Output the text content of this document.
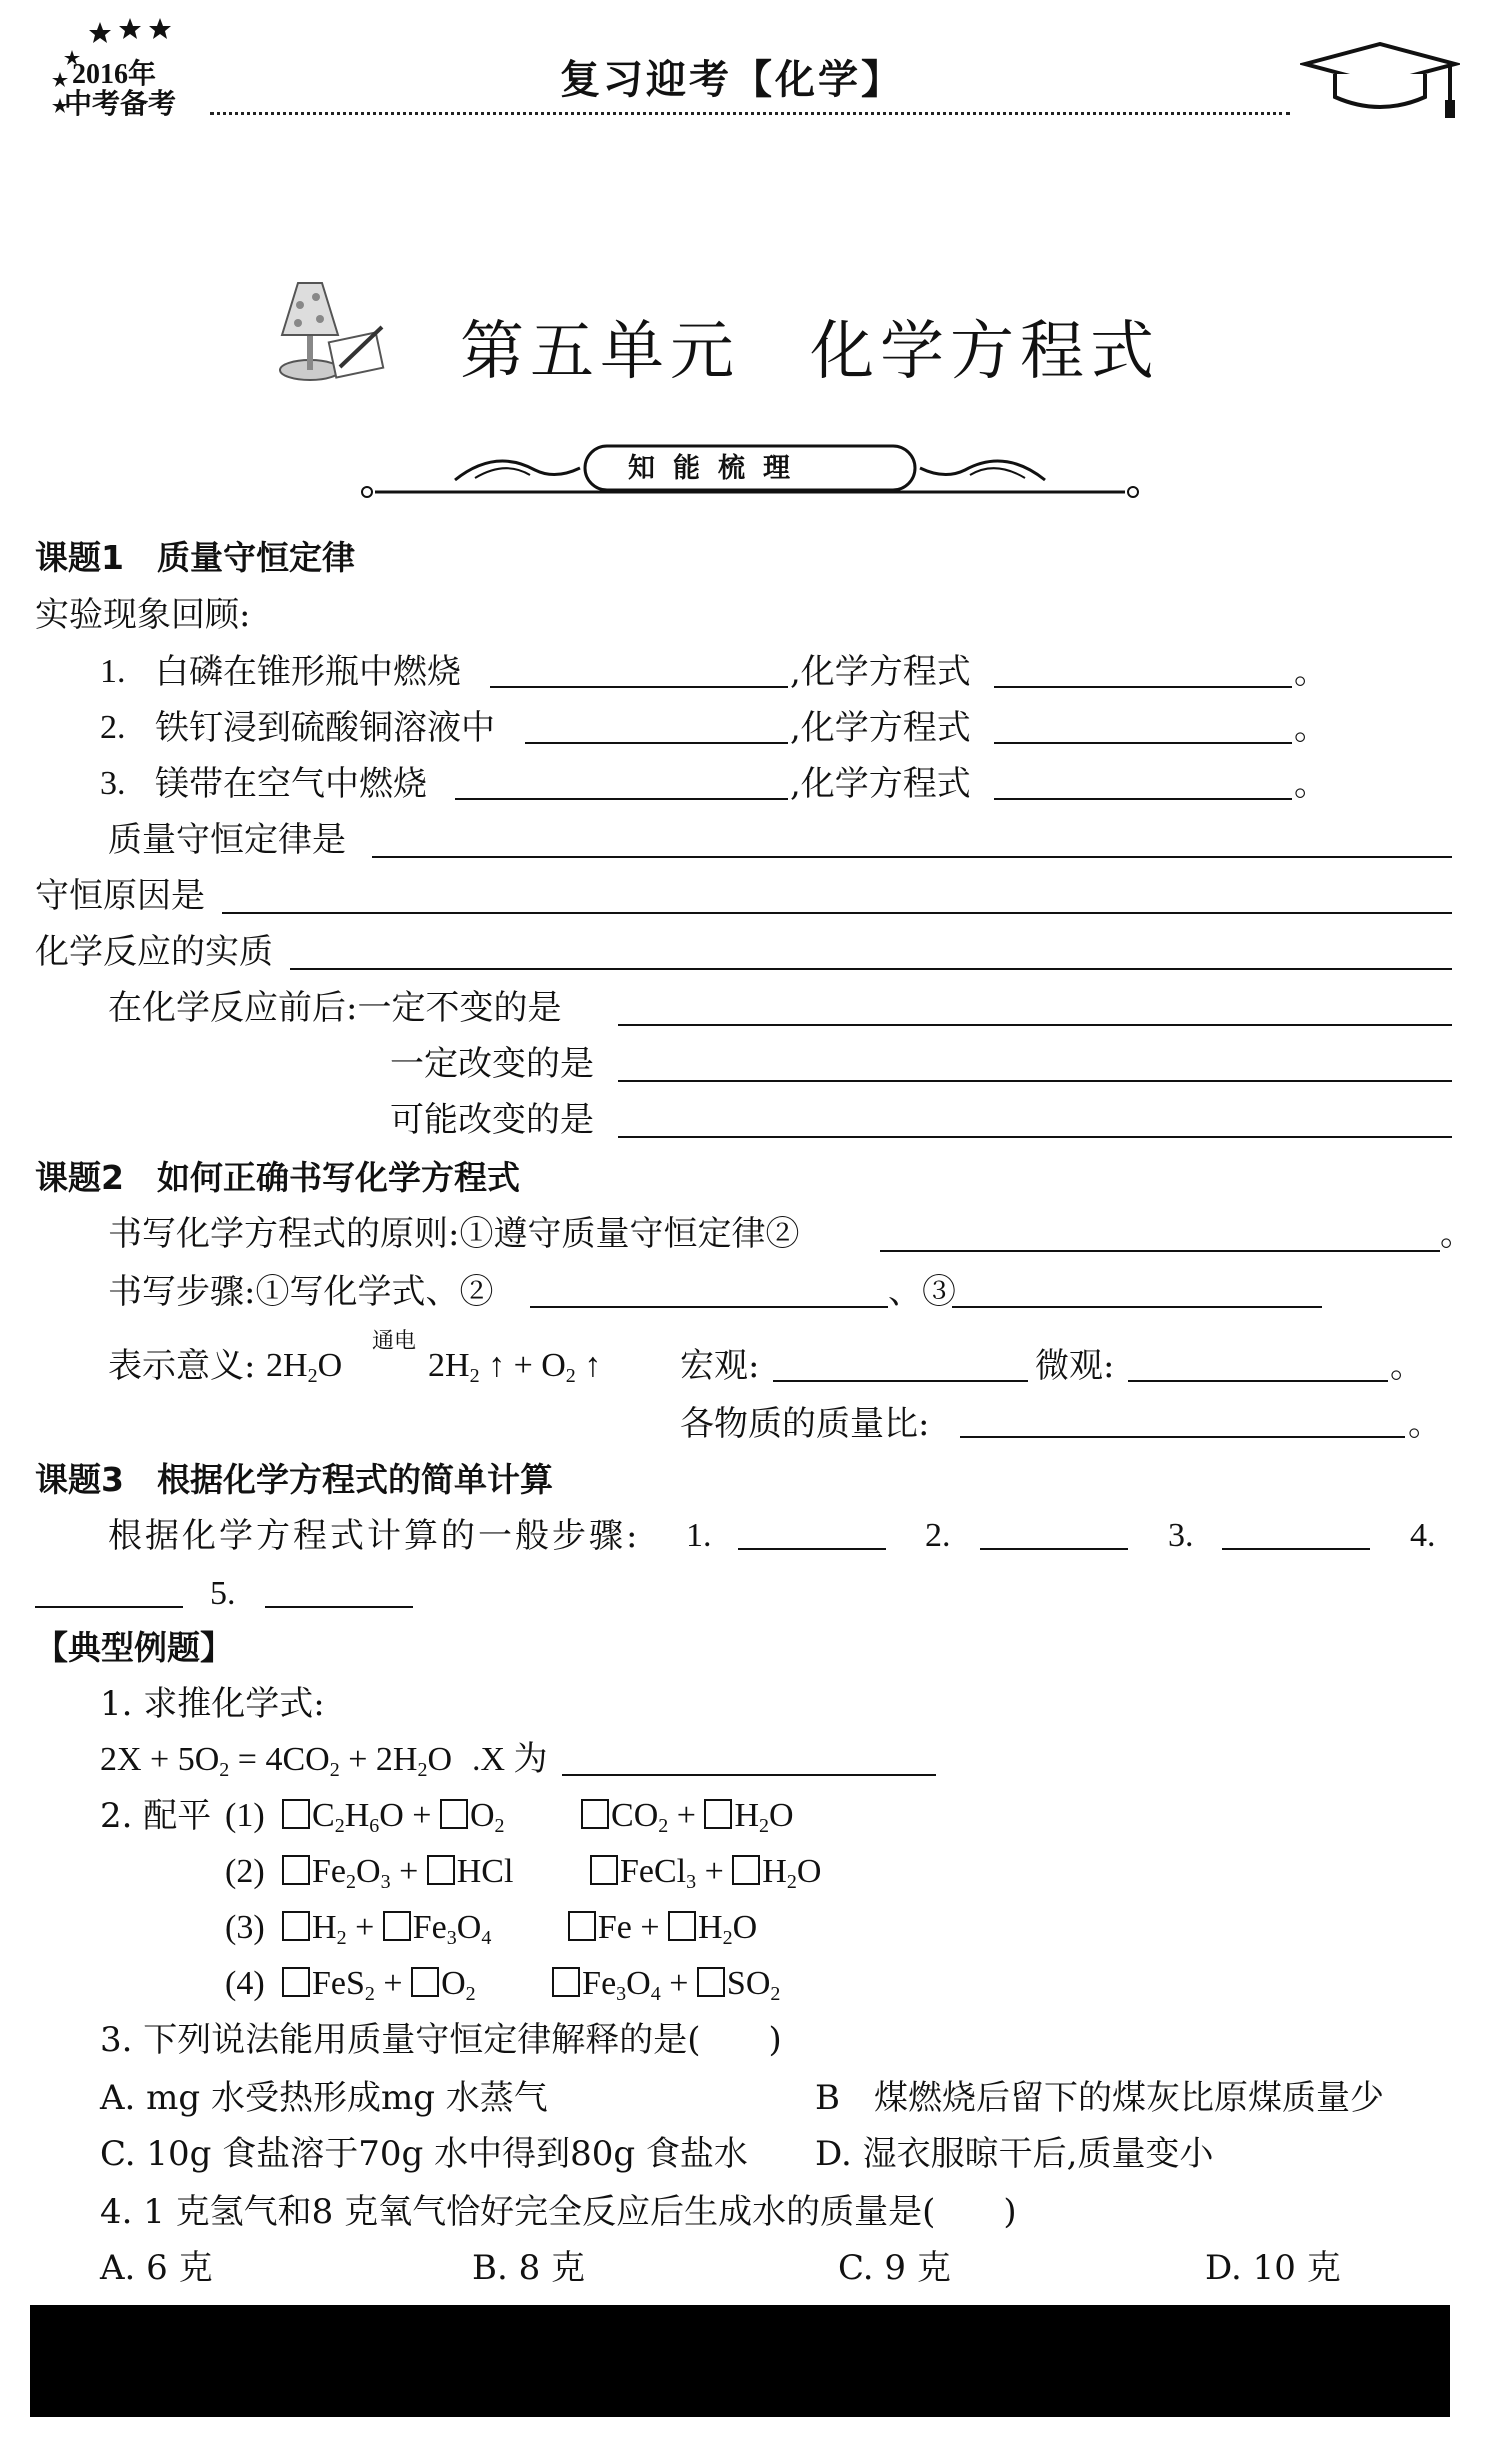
2016年
中考备考
复习迎考【化学】
第五单元　化学方程式
知能梳理
课题1　质量守恒定律
实验现象回顾:
1. 白磷在锥形瓶中燃烧	,化学方程式	。
2. 铁钉浸到硫酸铜溶液中	,化学方程式	。
3. 镁带在空气中燃烧	,化学方程式	。
质量守恒定律是
守恒原因是
化学反应的实质
在化学反应前后:一定不变的是
一定改变的是
可能改变的是
课题2　如何正确书写化学方程式
书写化学方程式的原则:①遵守质量守恒定律②	。
书写步骤:①写化学式、②	、③
表示意义: $2H_2O$
通电
$2H_2$ ↑ + $O_2$ ↑ 宏观:	微观:	。
各物质的质量比:	。
课题3　根据化学方程式的简单计算
根据化学方程式计算的一般步骤: 1.	2.	3.	4.
5.
【典型例题】
1. 求推化学式:
$2X + 5O_2 = 4CO_2 + 2H_2O$ .X 为
2. 配平 (1)	$C_2H_6O + O_2$　　	$CO_2 + H_2O$
(2)	$Fe_2O_3$ + HCl　　 FeCl$_3$ + $H_2O$
(3)	$H_2 + Fe_3O_4$　　	$Fe + H_2O$
(4)	$FeS_2 + O_2$　　	$Fe_3O_4 + SO_2$
3. 下列说法能用质量守恒定律解释的是(　　)
A. mg 水受热形成mg 水蒸气	B　煤燃烧后留下的煤灰比原煤质量少
C. 10g 食盐溶于70g 水中得到80g 食盐水 D. 湿衣服晾干后,质量变小
4. 1 克氢气和8 克氧气恰好完全反应后生成水的质量是(　　)
A. 6 克	B. 8 克	C. 9 克	D. 10 克
